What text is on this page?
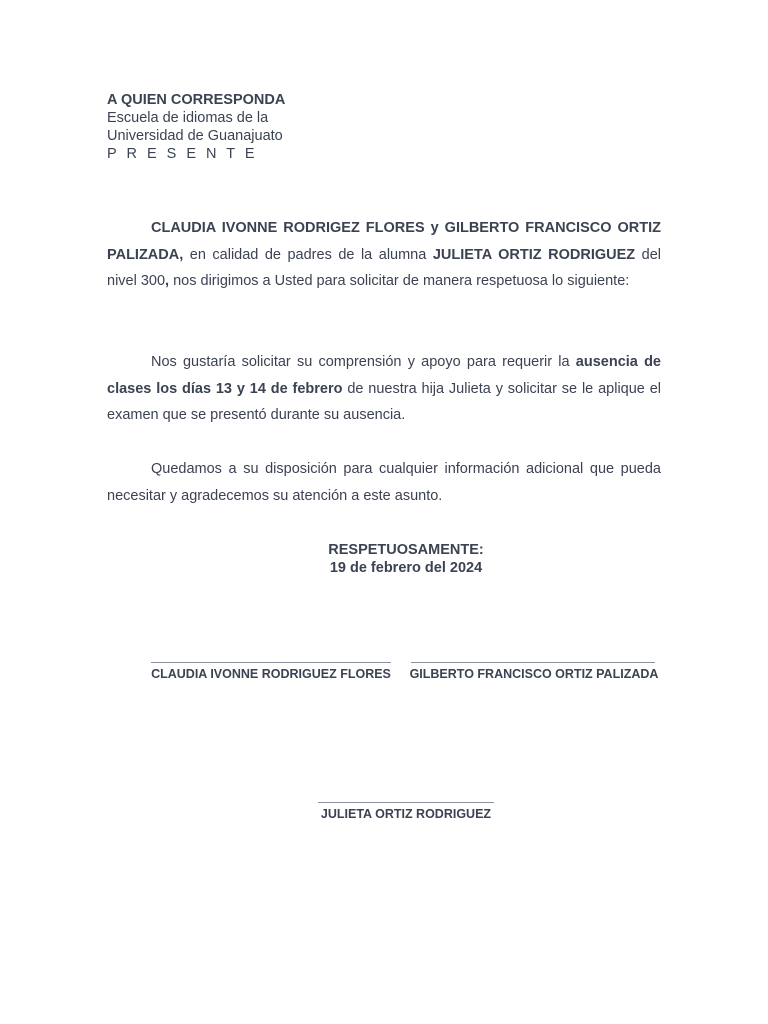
A QUIEN CORRESPONDA
Escuela de idiomas de la
Universidad de Guanajuato
P R E S E N T E

CLAUDIA IVONNE RODRIGEZ FLORES y GILBERTO FRANCISCO ORTIZ PALIZADA, en calidad de padres de la alumna JULIETA ORTIZ RODRIGUEZ del nivel 300, nos dirigimos a Usted para solicitar de manera respetuosa lo siguiente:

Nos gustaría solicitar su comprensión y apoyo para requerir la ausencia de clases los días 13 y 14 de febrero de nuestra hija Julieta y solicitar se le aplique el examen que se presentó durante su ausencia.

Quedamos a su disposición para cualquier información adicional que pueda necesitar y agradecemos su atención a este asunto.

RESPETUOSAMENTE:
19 de febrero del 2024
CLAUDIA IVONNE RODRIGUEZ FLORES GILBERTO FRANCISCO ORTIZ PALIZADA
JULIETA ORTIZ RODRIGUEZ
